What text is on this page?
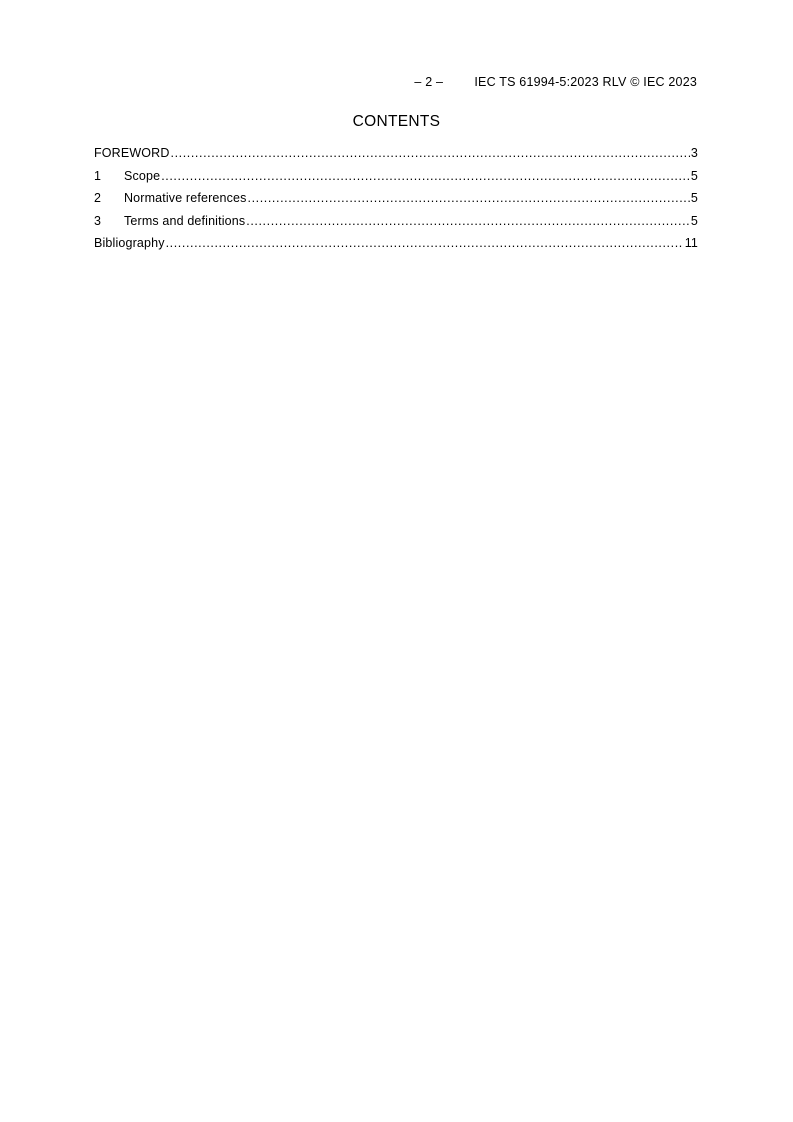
– 2 –	IEC TS 61994-5:2023 RLV © IEC 2023
CONTENTS
FOREWORD .....	3
1	Scope .....	5
2	Normative references .....	5
3	Terms and definitions .....	5
Bibliography .....	11
